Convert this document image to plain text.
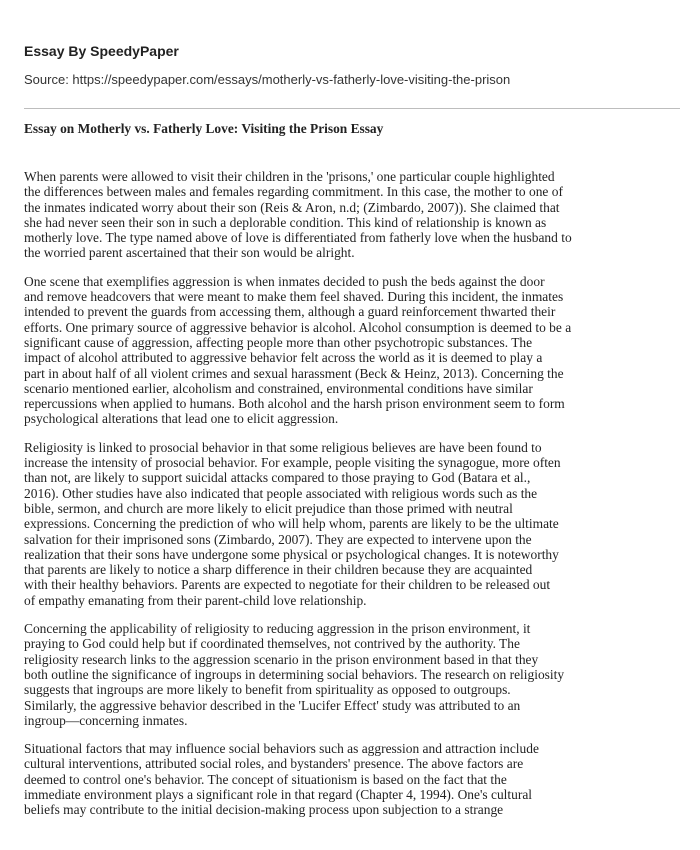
Essay By SpeedyPaper
Source: https://speedypaper.com/essays/motherly-vs-fatherly-love-visiting-the-prison
Essay on Motherly vs. Fatherly Love: Visiting the Prison Essay

When parents were allowed to visit their children in the 'prisons,' one particular couple highlighted
the differences between males and females regarding commitment. In this case, the mother to one of
the inmates indicated worry about their son (Reis & Aron, n.d; (Zimbardo, 2007)). She claimed that
she had never seen their son in such a deplorable condition. This kind of relationship is known as
motherly love. The type named above of love is differentiated from fatherly love when the husband to
the worried parent ascertained that their son would be alright.

One scene that exemplifies aggression is when inmates decided to push the beds against the door
and remove headcovers that were meant to make them feel shaved. During this incident, the inmates
intended to prevent the guards from accessing them, although a guard reinforcement thwarted their
efforts. One primary source of aggressive behavior is alcohol. Alcohol consumption is deemed to be a
significant cause of aggression, affecting people more than other psychotropic substances. The
impact of alcohol attributed to aggressive behavior felt across the world as it is deemed to play a
part in about half of all violent crimes and sexual harassment (Beck & Heinz, 2013). Concerning the
scenario mentioned earlier, alcoholism and constrained, environmental conditions have similar
repercussions when applied to humans. Both alcohol and the harsh prison environment seem to form
psychological alterations that lead one to elicit aggression.

Religiosity is linked to prosocial behavior in that some religious believes are have been found to
increase the intensity of prosocial behavior. For example, people visiting the synagogue, more often
than not, are likely to support suicidal attacks compared to those praying to God (Batara et al.,
2016). Other studies have also indicated that people associated with religious words such as the
bible, sermon, and church are more likely to elicit prejudice than those primed with neutral
expressions. Concerning the prediction of who will help whom, parents are likely to be the ultimate
salvation for their imprisoned sons (Zimbardo, 2007). They are expected to intervene upon the
realization that their sons have undergone some physical or psychological changes. It is noteworthy
that parents are likely to notice a sharp difference in their children because they are acquainted
with their healthy behaviors. Parents are expected to negotiate for their children to be released out
of empathy emanating from their parent-child love relationship.

Concerning the applicability of religiosity to reducing aggression in the prison environment, it
praying to God could help but if coordinated themselves, not contrived by the authority. The
religiosity research links to the aggression scenario in the prison environment based in that they
both outline the significance of ingroups in determining social behaviors. The research on religiosity
suggests that ingroups are more likely to benefit from spirituality as opposed to outgroups.
Similarly, the aggressive behavior described in the 'Lucifer Effect' study was attributed to an
ingroup—concerning inmates.

Situational factors that may influence social behaviors such as aggression and attraction include
cultural interventions, attributed social roles, and bystanders' presence. The above factors are
deemed to control one's behavior. The concept of situationism is based on the fact that the
immediate environment plays a significant role in that regard (Chapter 4, 1994). One's cultural
beliefs may contribute to the initial decision-making process upon subjection to a strange
